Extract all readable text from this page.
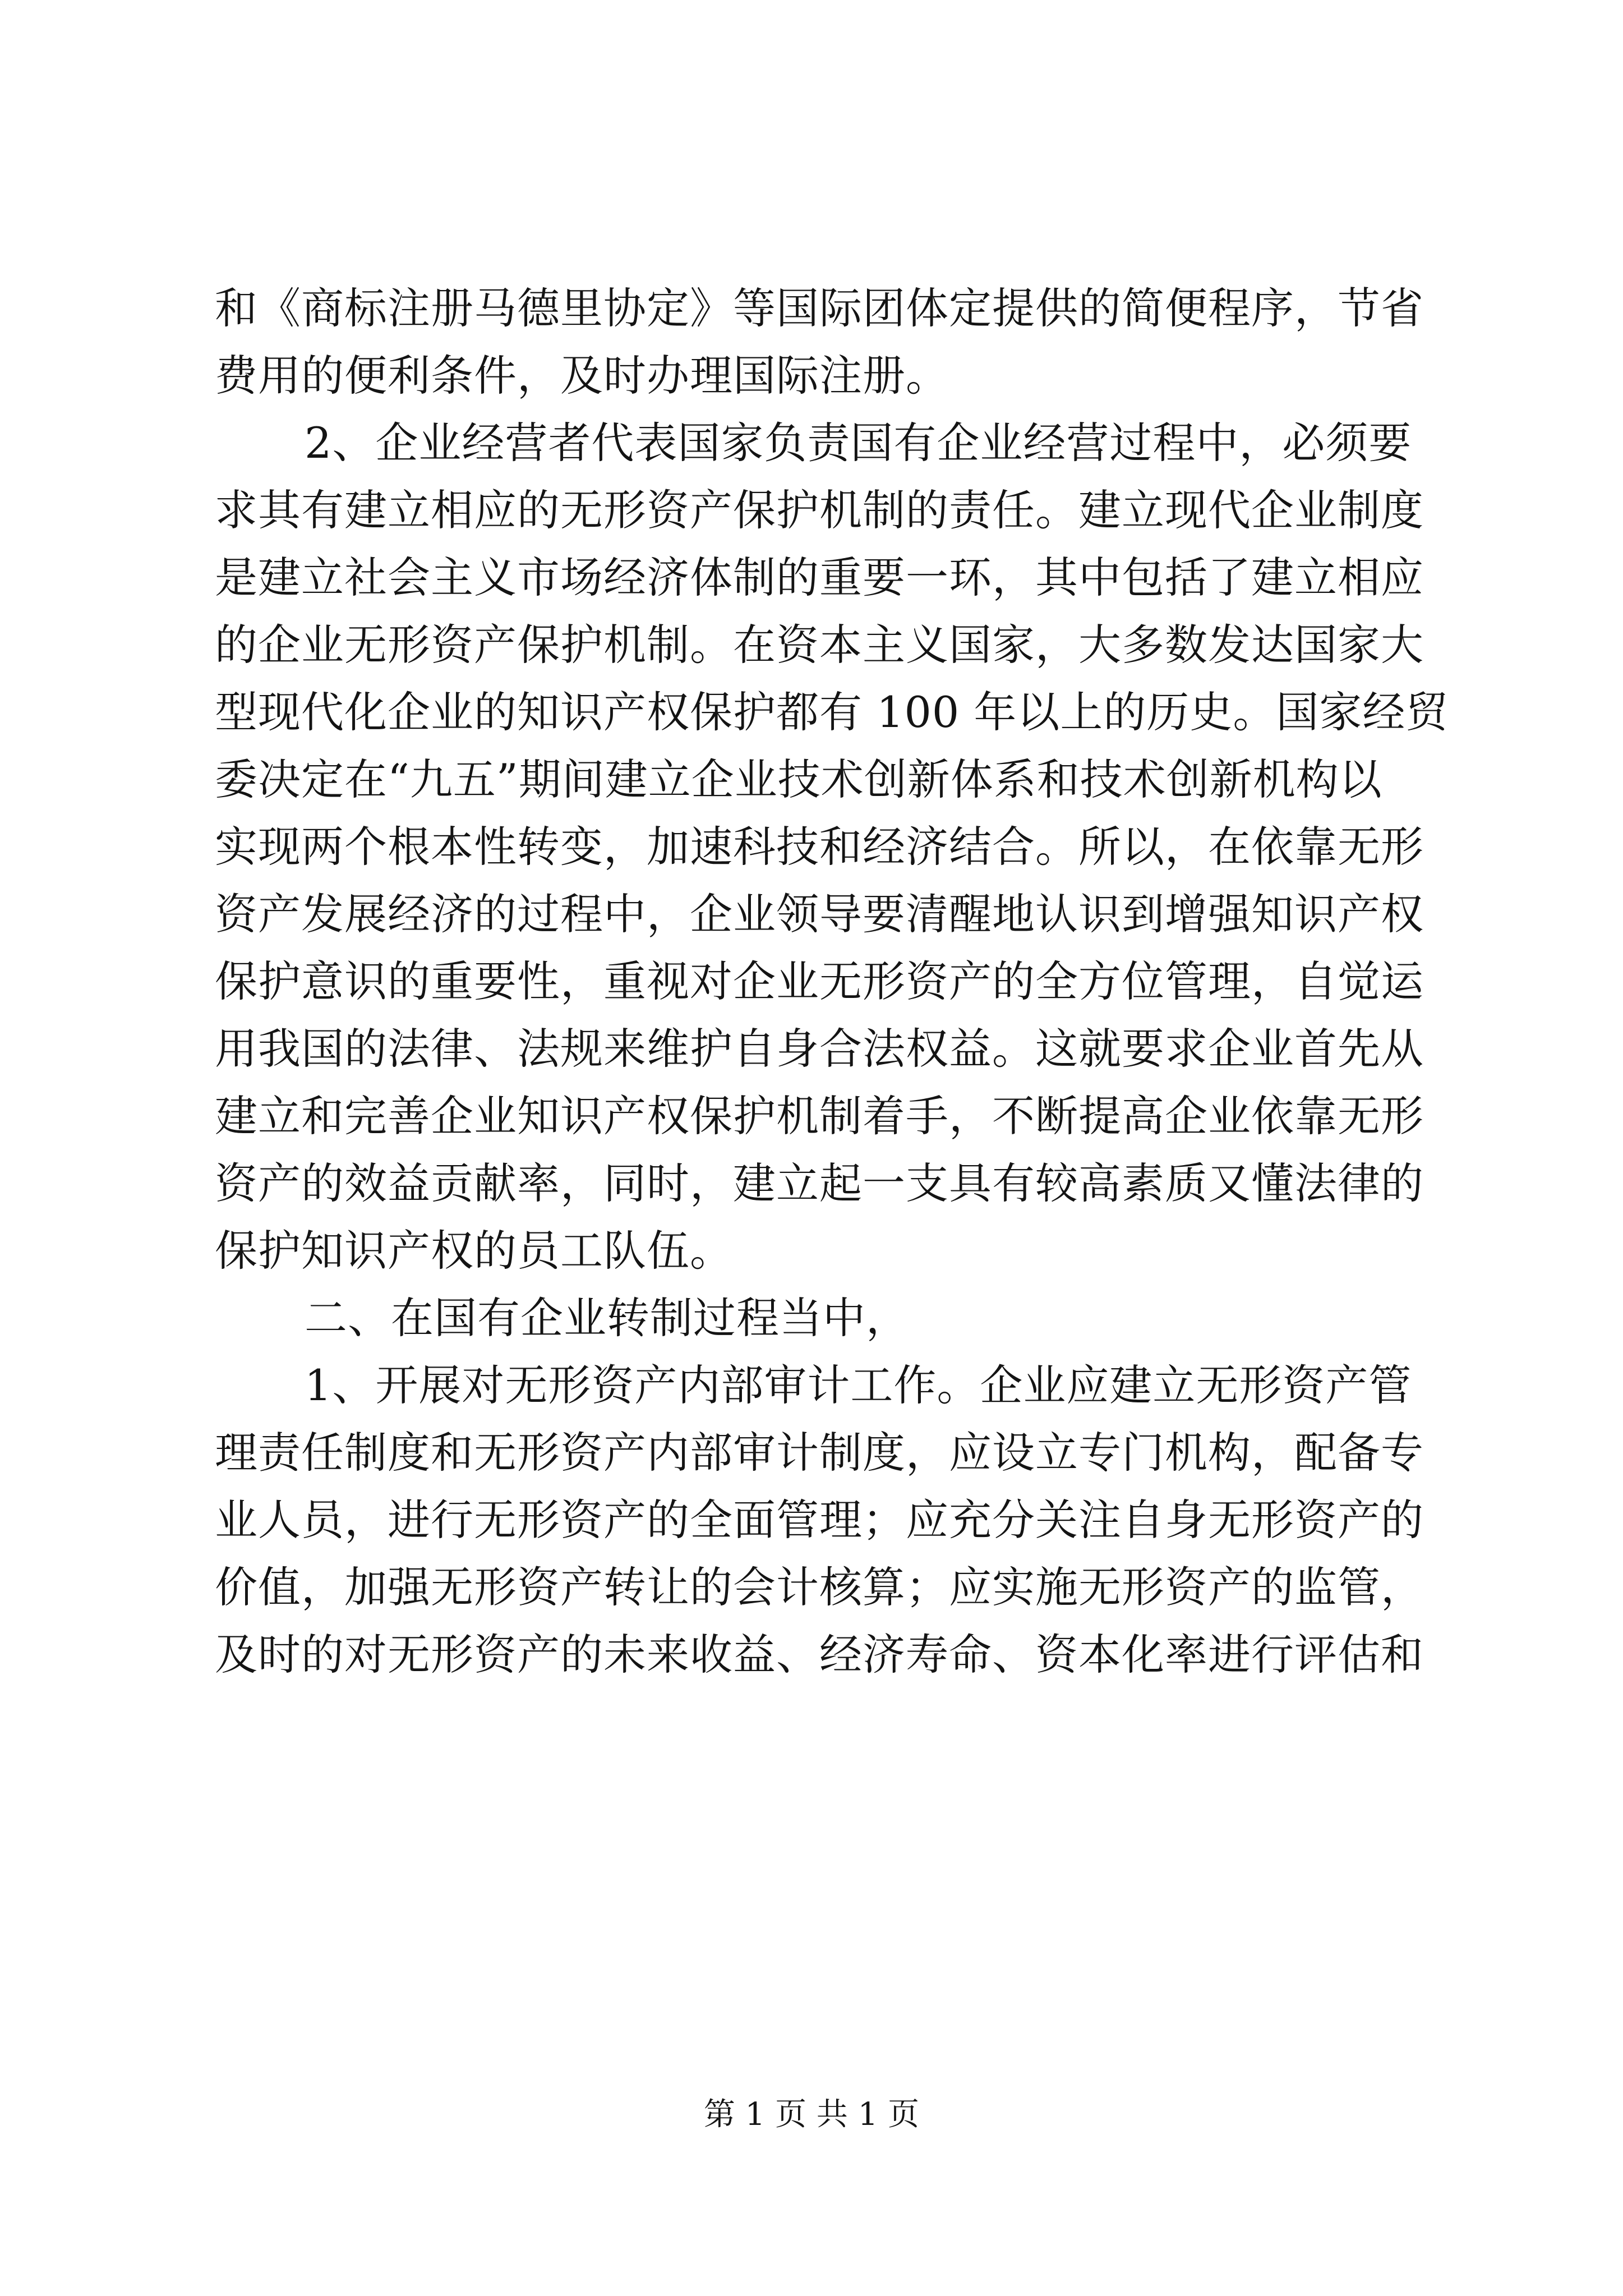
和《商标注册马德里协定》等国际团体定提供的简便程序，节省
费用的便利条件，及时办理国际注册。
2、企业经营者代表国家负责国有企业经营过程中，必须要
求其有建立相应的无形资产保护机制的责任。建立现代企业制度
是建立社会主义市场经济体制的重要一环，其中包括了建立相应
的企业无形资产保护机制。在资本主义国家，大多数发达国家大
型现代化企业的知识产权保护都有 100 年以上的历史。国家经贸
委决定在“九五”期间建立企业技术创新体系和技术创新机构以
实现两个根本性转变，加速科技和经济结合。所以，在依靠无形
资产发展经济的过程中，企业领导要清醒地认识到增强知识产权
保护意识的重要性，重视对企业无形资产的全方位管理，自觉运
用我国的法律、法规来维护自身合法权益。这就要求企业首先从
建立和完善企业知识产权保护机制着手，不断提高企业依靠无形
资产的效益贡献率，同时，建立起一支具有较高素质又懂法律的
保护知识产权的员工队伍。
二、在国有企业转制过程当中，
1、开展对无形资产内部审计工作。企业应建立无形资产管
理责任制度和无形资产内部审计制度，应设立专门机构，配备专
业人员，进行无形资产的全面管理；应充分关注自身无形资产的
价值，加强无形资产转让的会计核算；应实施无形资产的监管，
及时的对无形资产的未来收益、经济寿命、资本化率进行评估和
第 1 页 共 1 页
